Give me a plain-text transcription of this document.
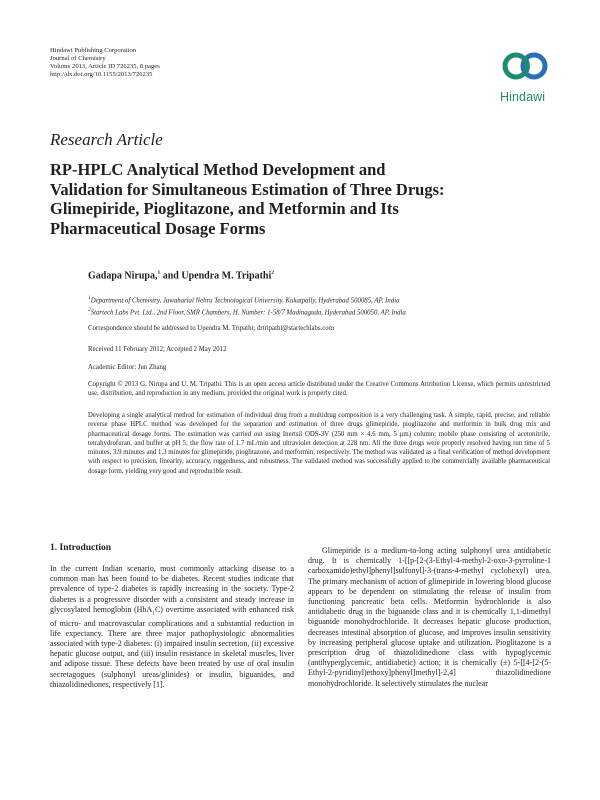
Hindawi Publishing Corporation
Journal of Chemistry
Volume 2013, Article ID 726235, 8 pages
http://dx.doi.org/10.1155/2013/726235
Hindawi
Research Article
RP-HPLC Analytical Method Development and
Validation for Simultaneous Estimation of Three Drugs:
Glimepiride, Pioglitazone, and Metformin and Its
Pharmaceutical Dosage Forms
Gadapa Nirupa,$^1$ and Upendra M. Tripathi$^2$
$^1$Department of Chemistry, Jawaharlal Nehru Technological University, Kukatpally, Hyderabad 500085, AP, India
$^2$Startech Labs Pvt. Ltd., 2nd Floor, SMR Chambers, H. Number: 1-58/7 Madinaguda, Hyderabad 500050, AP, India
Correspondence should be addressed to Upendra M. Tripathi; drtripathi@startechlabs.com
Received 11 February 2012; Accepted 2 May 2012
Academic Editor: Jun Zhang
Copyright © 2013 G. Nirupa and U. M. Tripathi. This is an open access article distributed under the Creative Commons Attribution License, which permits unrestricted use, distribution, and reproduction in any medium, provided the original work is properly cited.
Developing a single analytical method for estimation of individual drug from a multidrug composition is a very challenging task. A simple, rapid, precise, and reliable reverse phase HPLC method was developed for the separation and estimation of three drugs glimepiride, pioglitazone and metformin in bulk drug mix and pharmaceutical dosage forms. The estimation was carried out using Inertsil ODS-3V (250 mm × 4.6 mm, 5 μm) column; mobile phase consisting of acetonitrile, tetrahydrofuran, and buffer at pH 5; the flow rate of 1.7 mL/min and ultraviolet detection at 228 nm. All the three drugs were properly resolved having run time of 5 minutes, 3.9 minutes and 1.3 minutes for glimepiride, pioglitazone, and metformin, respectively. The method was validated as a final verification of method development with respect to precision, linearity, accuracy, ruggedness, and robustness. The validated method was successfully applied to the commercially available pharmaceutical dosage form, yielding very good and reproducible result.
1. Introduction
In the current Indian scenario, most commonly attacking disease to a common man has been found to be diabetes. Recent studies indicate that prevalence of type-2 diabetes is rapidly increasing in the society. Type-2 diabetes is a progressive disorder with a consistent and steady increase in glycosylated hemoglobin (HbA$_1$C) overtime associated with enhanced risk of micro- and macrovascular complications and a substantial reduction in life expectancy. There are three major pathophysiologic abnormalities associated with type-2 diabetes: (i) impaired insulin secretion, (ii) excessive hepatic glucose output, and (iii) insulin resistance in skeletal muscles, liver and adipose tissue. These defects have been treated by use of oral insulin secretagogues (sulphonyl ureas/glinides) or insulin, biguanides, and thiazolidinediones, respectively [1].
Glimepiride is a medium-to-long acting sulphonyl urea antidiabetic drug. It is chemically 1-[[p-[2-(3-Ethyl-4-methyl-2-oxo-3-pyrroline-1 carboxamido)ethyl]phenyl]sulfonyl]-3-(trans-4-methyl cyclohexyl) urea. The primary mechanism of action of glimepiride in lowering blood glucose appears to be dependent on stimulating the release of insulin from functioning pancreatic beta cells. Metformin hydrochloride is also antidiabetic drug in the biguanide class and it is chemically 1,1-dimethyl biguanide monohydrochloride. It decreases hepatic glucose production, decreases intestinal absorption of glucose, and improves insulin sensitivity by increasing peripheral glucose uptake and utilization. Pioglitazone is a prescription drug of thiazolidinedione class with hypoglycemic (antihyperglycemic, antidiabetic) action; it is chemically (±) 5-[[4-[2-(5-Ethyl-2-pyridinyl)ethoxy]phenyl]methyl]-2,4] thiazolidinedione monohydrochloride. It selectively stimulates the nuclear
